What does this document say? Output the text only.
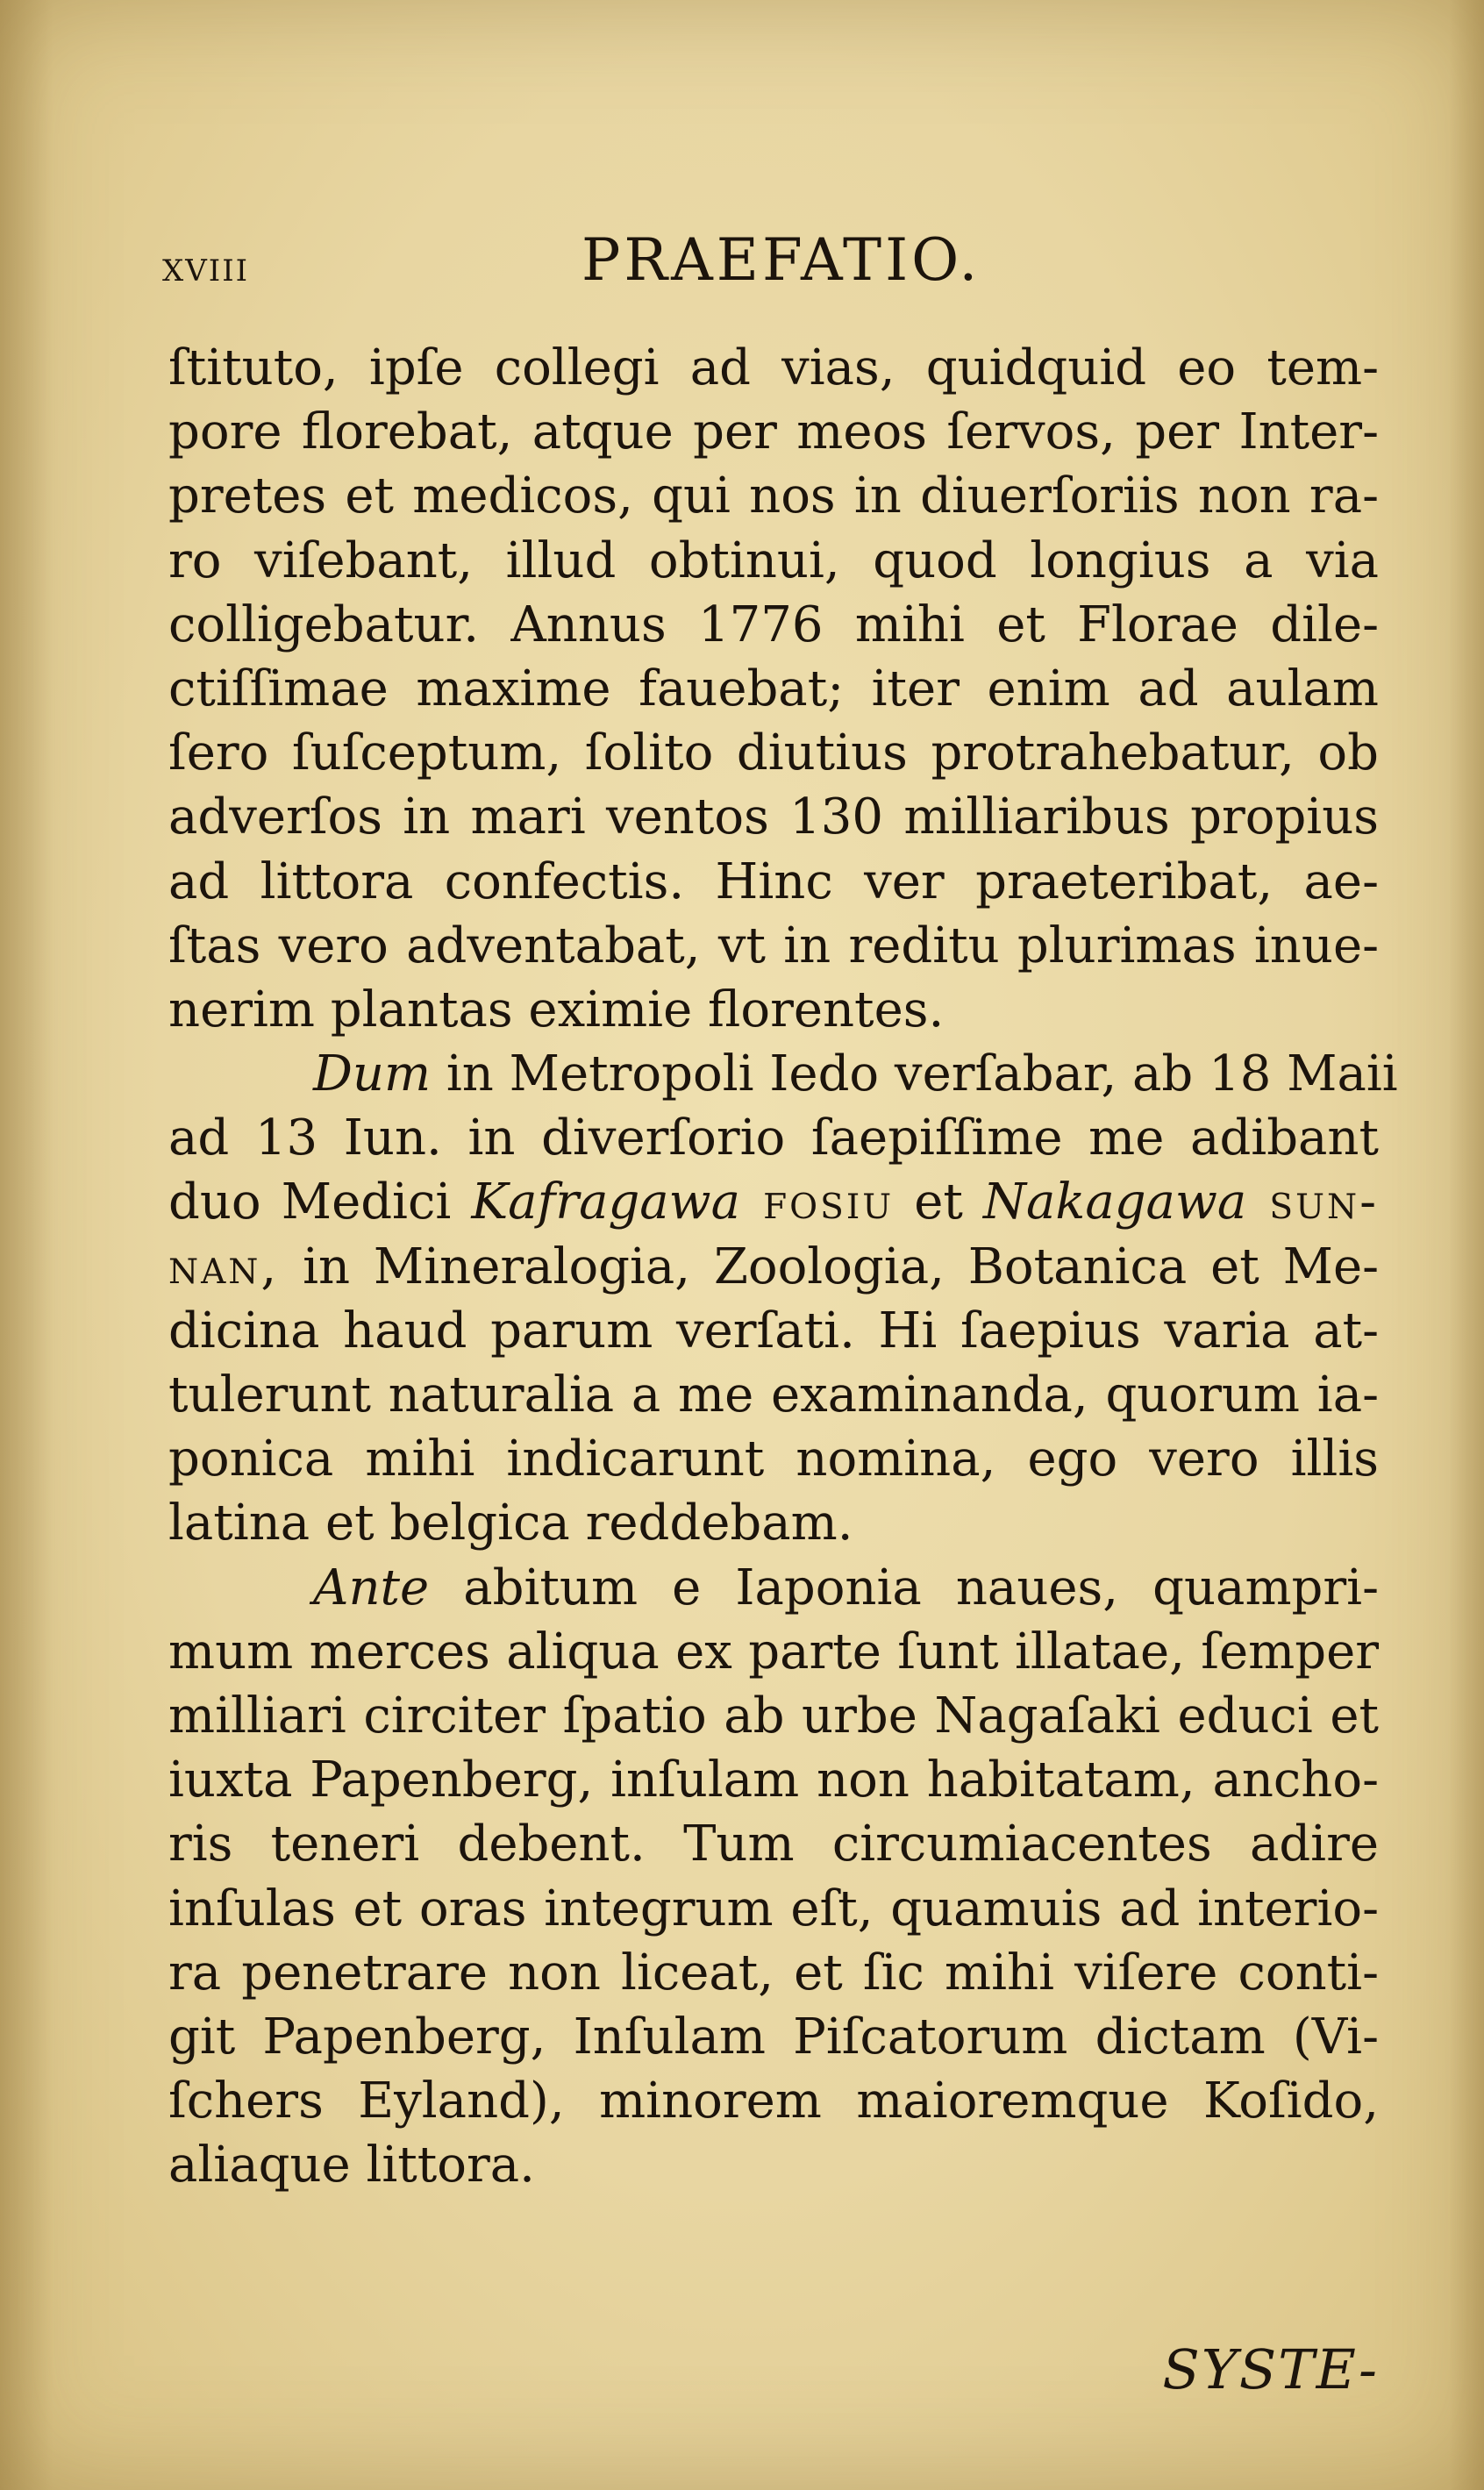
xviii	PRAEFATIO.
ſtituto, ipſe collegi ad vias, quidquid eo tem-
pore florebat, atque per meos ſervos, per Inter-
pretes et medicos, qui nos in diuerſoriis non ra-
ro viſebant, illud obtinui, quod longius a via
colligebatur. Annus 1776 mihi et Florae dile-
ctiſſimae maxime fauebat; iter enim ad aulam
ſero ſuſceptum, ſolito diutius protrahebatur, ob
adverſos in mari ventos 130 milliaribus propius
ad littora confectis. Hinc ver praeteribat, ae-
ſtas vero adventabat, vt in reditu plurimas inue-
nerim plantas eximie florentes.
Dum in Metropoli Iedo verſabar, ab 18 Maii
ad 13 Iun. in diverſorio ſaepiſſime me adibant
duo Medici Kafragawa fosiu et Nakagawa sun-
nan, in Mineralogia, Zoologia, Botanica et Me-
dicina haud parum verſati. Hi ſaepius varia at-
tulerunt naturalia a me examinanda, quorum ia-
ponica mihi indicarunt nomina, ego vero illis
latina et belgica reddebam.
Ante abitum e Iaponia naues, quampri-
mum merces aliqua ex parte ſunt illatae, ſemper
milliari circiter ſpatio ab urbe Nagaſaki educi et
iuxta Papenberg, inſulam non habitatam, ancho-
ris teneri debent. Tum circumiacentes adire
inſulas et oras integrum eſt, quamuis ad interio-
ra penetrare non liceat, et ſic mihi viſere conti-
git Papenberg, Inſulam Piſcatorum dictam (Vi-
ſchers Eyland), minorem maioremque Koſido,
aliaque littora.
SYSTE-
